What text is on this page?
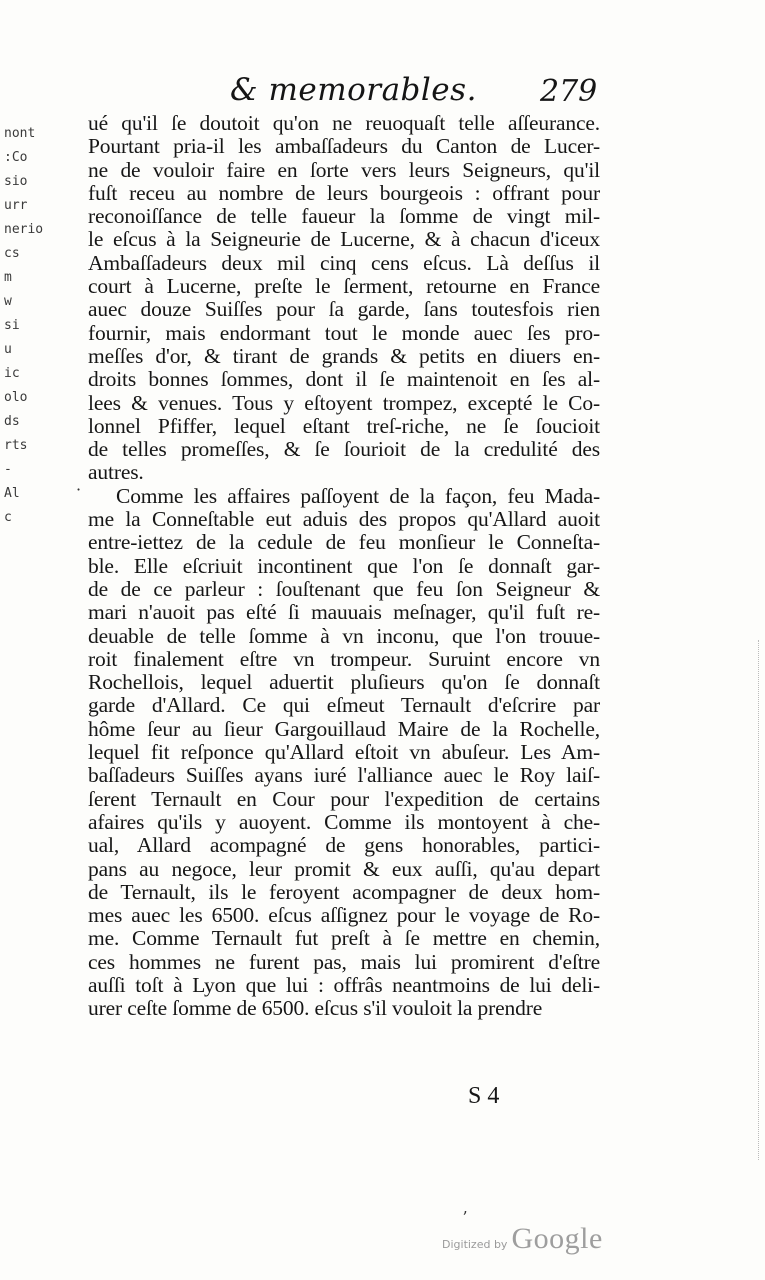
nont
:Co
sio
urr
nerio
cs
m
w
si
u
ic
olo
ds
rts
-
Al
c
·
& memorables. 279
ué qu'il ſe doutoit qu'on ne reuoquaſt telle aſſeurance.
Pourtant pria-il les ambaſſadeurs du Canton de Lucer-
ne de vouloir faire en ſorte vers leurs Seigneurs, qu'il
fuſt receu au nombre de leurs bourgeois : offrant pour
reconoiſſance de telle faueur la ſomme de vingt mil-
le eſcus à la Seigneurie de Lucerne, & à chacun d'iceux
Ambaſſadeurs deux mil cinq cens eſcus. Là deſſus il
court à Lucerne, preſte le ſerment, retourne en France
auec douze Suiſſes pour ſa garde, ſans toutesfois rien
fournir, mais endormant tout le monde auec ſes pro-
meſſes d'or, & tirant de grands & petits en diuers en-
droits bonnes ſommes, dont il ſe maintenoit en ſes al-
lees & venues. Tous y eſtoyent trompez, excepté le Co-
lonnel Pfiffer, lequel eſtant treſ-riche, ne ſe ſoucioit
de telles promeſſes, & ſe ſourioit de la credulité des
autres.
Comme les affaires paſſoyent de la façon, feu Mada-
me la Conneſtable eut aduis des propos qu'Allard auoit
entre-iettez de la cedule de feu monſieur le Conneſta-
ble. Elle eſcriuit incontinent que l'on ſe donnaſt gar-
de de ce parleur : ſouſtenant que feu ſon Seigneur &
mari n'auoit pas eſté ſi mauuais meſnager, qu'il fuſt re-
deuable de telle ſomme à vn inconu, que l'on trouue-
roit finalement eſtre vn trompeur. Suruint encore vn
Rochellois, lequel aduertit pluſieurs qu'on ſe donnaſt
garde d'Allard. Ce qui eſmeut Ternault d'eſcrire par
hôme ſeur au ſieur Gargouillaud Maire de la Rochelle,
lequel fit reſponce qu'Allard eſtoit vn abuſeur. Les Am-
baſſadeurs Suiſſes ayans iuré l'alliance auec le Roy laiſ-
ſerent Ternault en Cour pour l'expedition de certains
afaires qu'ils y auoyent. Comme ils montoyent à che-
ual, Allard acompagné de gens honorables, partici-
pans au negoce, leur promit & eux auſſi, qu'au depart
de Ternault, ils le feroyent acompagner de deux hom-
mes auec les 6500. eſcus aſſignez pour le voyage de Ro-
me. Comme Ternault fut preſt à ſe mettre en chemin,
ces hommes ne furent pas, mais lui promirent d'eſtre
auſſi toſt à Lyon que lui : offrâs neantmoins de lui deli-
urer ceſte ſomme de 6500. eſcus s'il vouloit la prendre
S 4
ʼ
Digitized by Google
